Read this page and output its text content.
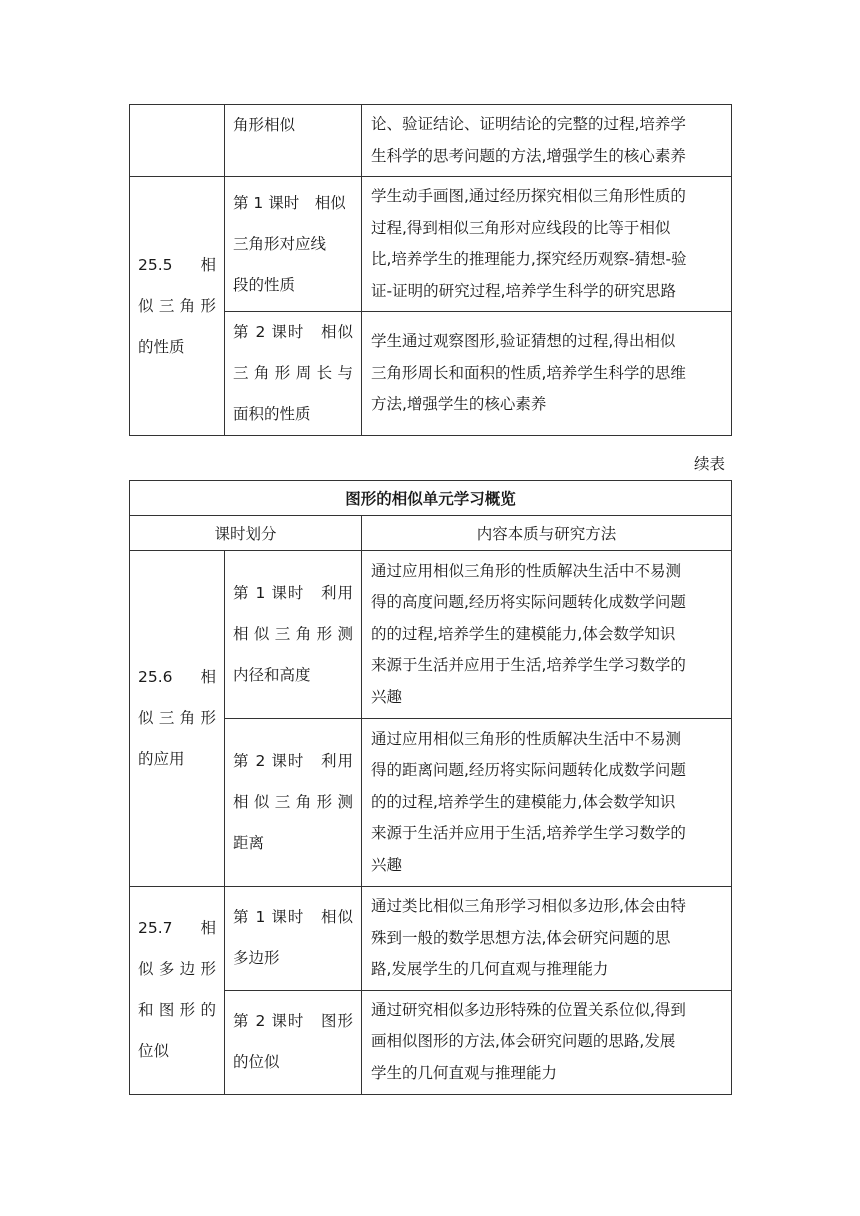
	角形相似	论、验证结论、证明结论的完整的过程,培养学
生科学的思考问题的方法,增强学生的核心素养

25.5　相
似三角形
的性质	第 1 课时　相似
三角形对应线
段的性质	学生动手画图,通过经历探究相似三角形性质的
过程,得到相似三角形对应线段的比等于相似
比,培养学生的推理能力,探究经历观察-猜想-验
证-证明的研究过程,培养学生科学的研究思路

	第 2 课时　相似
三角形周长与
面积的性质	学生通过观察图形,验证猜想的过程,得出相似
三角形周长和面积的性质,培养学生科学的思维
方法,增强学生的核心素养
续表
图形的相似单元学习概览		
课时划分		内容本质与研究方法

25.6　相
似三角形
的应用	第 1 课时　利用
相似三角形测
内径和高度	通过应用相似三角形的性质解决生活中不易测
得的高度问题,经历将实际问题转化成数学问题
的的过程,培养学生的建模能力,体会数学知识
来源于生活并应用于生活,培养学生学习数学的
兴趣

	第 2 课时　利用
相似三角形测
距离	通过应用相似三角形的性质解决生活中不易测
得的距离问题,经历将实际问题转化成数学问题
的的过程,培养学生的建模能力,体会数学知识
来源于生活并应用于生活,培养学生学习数学的
兴趣

25.7　相
似多边形
和图形的
位似	第 1 课时　相似
多边形	通过类比相似三角形学习相似多边形,体会由特
殊到一般的数学思想方法,体会研究问题的思
路,发展学生的几何直观与推理能力

	第 2 课时　图形
的位似	通过研究相似多边形特殊的位置关系位似,得到
画相似图形的方法,体会研究问题的思路,发展
学生的几何直观与推理能力
